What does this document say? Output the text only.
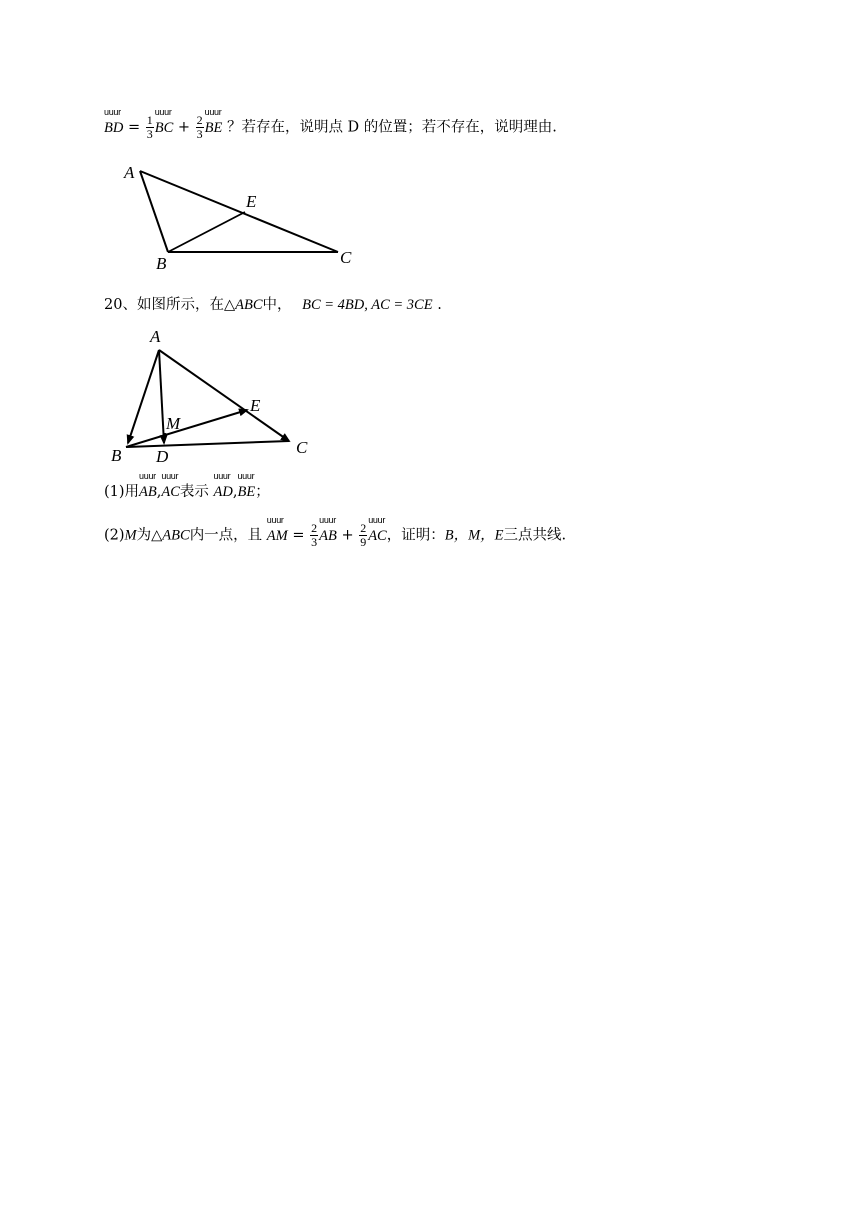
uuur
BD = $\frac{1}{3}$
uuur
BC + $\frac{2}{3}$
uuur
BE ？若存在，说明点 D 的位置；若不存在，说明理由.
A
E
B	C
20、如图所示，在△ABC中， BC = 4BD, AC = 3CE .
A
M
E
C
B D
(1)用
uuur
AB,
uuur
AC表示
uuur
AD,
uuur
BE；
(2)M为△ABC内一点，且
uuur
AM = $\frac{2}{3}$
uuur
AB + $\frac{2}{9}$
uuur
AC，证明：B，M，E三点共线.
